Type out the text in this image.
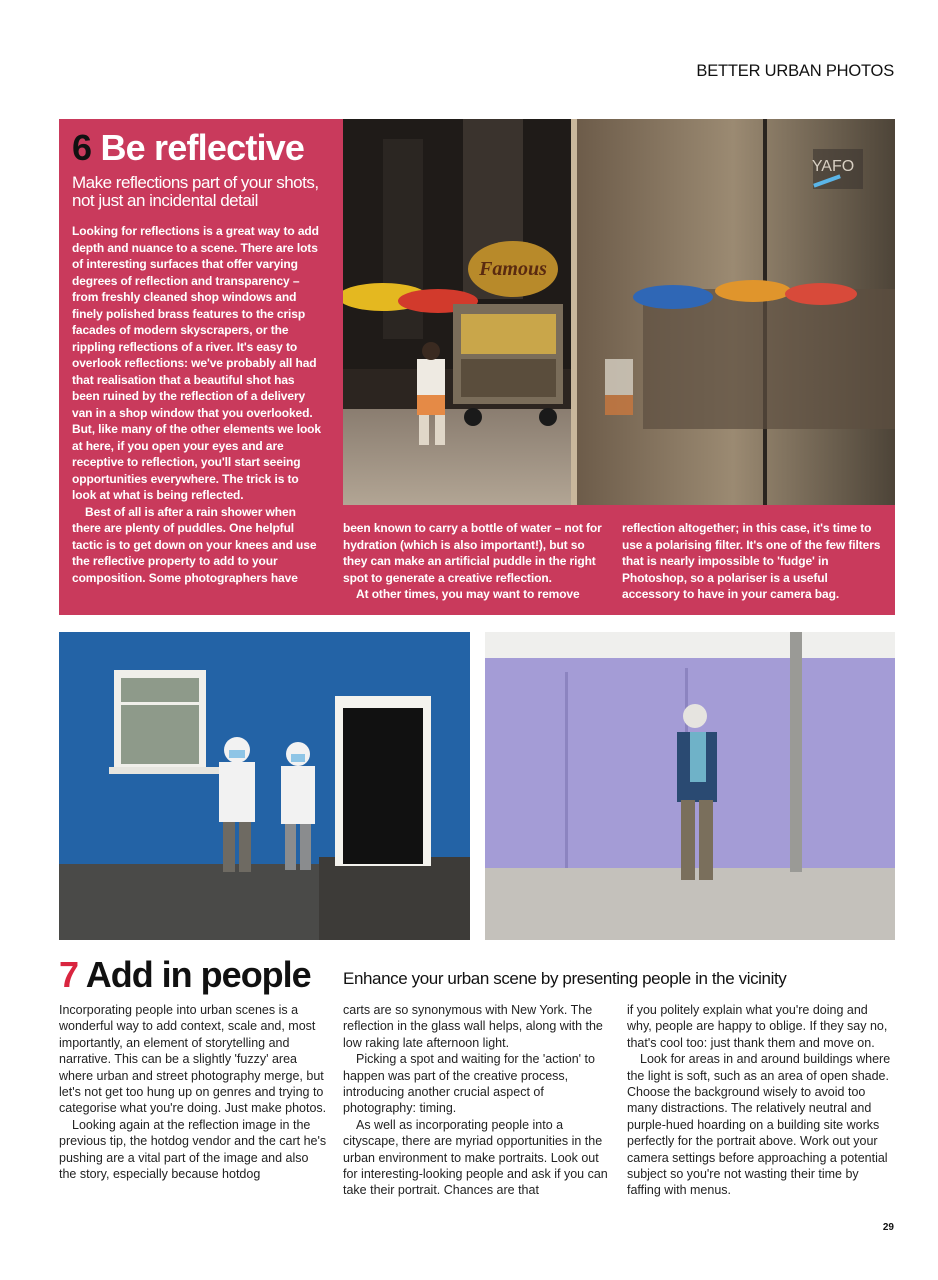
BETTER URBAN PHOTOS
6 Be reflective
Make reflections part of your shots, not just an incidental detail

Looking for reflections is a great way to add depth and nuance to a scene. There are lots of interesting surfaces that offer varying degrees of reflection and transparency – from freshly cleaned shop windows and finely polished brass features to the crisp facades of modern skyscrapers, or the rippling reflections of a river. It's easy to overlook reflections: we've probably all had that realisation that a beautiful shot has been ruined by the reflection of a delivery van in a shop window that you overlooked. But, like many of the other elements we look at here, if you open your eyes and are receptive to reflection, you'll start seeing opportunities everywhere. The trick is to look at what is being reflected.

Best of all is after a rain shower when there are plenty of puddles. One helpful tactic is to get down on your knees and use the reflective property to add to your composition. Some photographers have

been known to carry a bottle of water – not for hydration (which is also important!), but so they can make an artificial puddle in the right spot to generate a creative reflection.

At other times, you may want to remove

reflection altogether; in this case, it's time to use a polarising filter. It's one of the few filters that is nearly impossible to 'fudge' in Photoshop, so a polariser is a useful accessory to have in your camera bag.

Famous
YAFO
7 Add in people Enhance your urban scene by presenting people in the vicinity

Incorporating people into urban scenes is a wonderful way to add context, scale and, most importantly, an element of storytelling and narrative. This can be a slightly 'fuzzy' area where urban and street photography merge, but let's not get too hung up on genres and trying to categorise what you're doing. Just make photos.

Looking again at the reflection image in the previous tip, the hotdog vendor and the cart he's pushing are a vital part of the image and also the story, especially because hotdog

carts are so synonymous with New York. The reflection in the glass wall helps, along with the low raking late afternoon light.

Picking a spot and waiting for the 'action' to happen was part of the creative process, introducing another crucial aspect of photography: timing.

As well as incorporating people into a cityscape, there are myriad opportunities in the urban environment to make portraits. Look out for interesting-looking people and ask if you can take their portrait. Chances are that

if you politely explain what you're doing and why, people are happy to oblige. If they say no, that's cool too: just thank them and move on.

Look for areas in and around buildings where the light is soft, such as an area of open shade. Choose the background wisely to avoid too many distractions. The relatively neutral and purple-hued hoarding on a building site works perfectly for the portrait above. Work out your camera settings before approaching a potential subject so you're not wasting their time by faffing with menus.

29
